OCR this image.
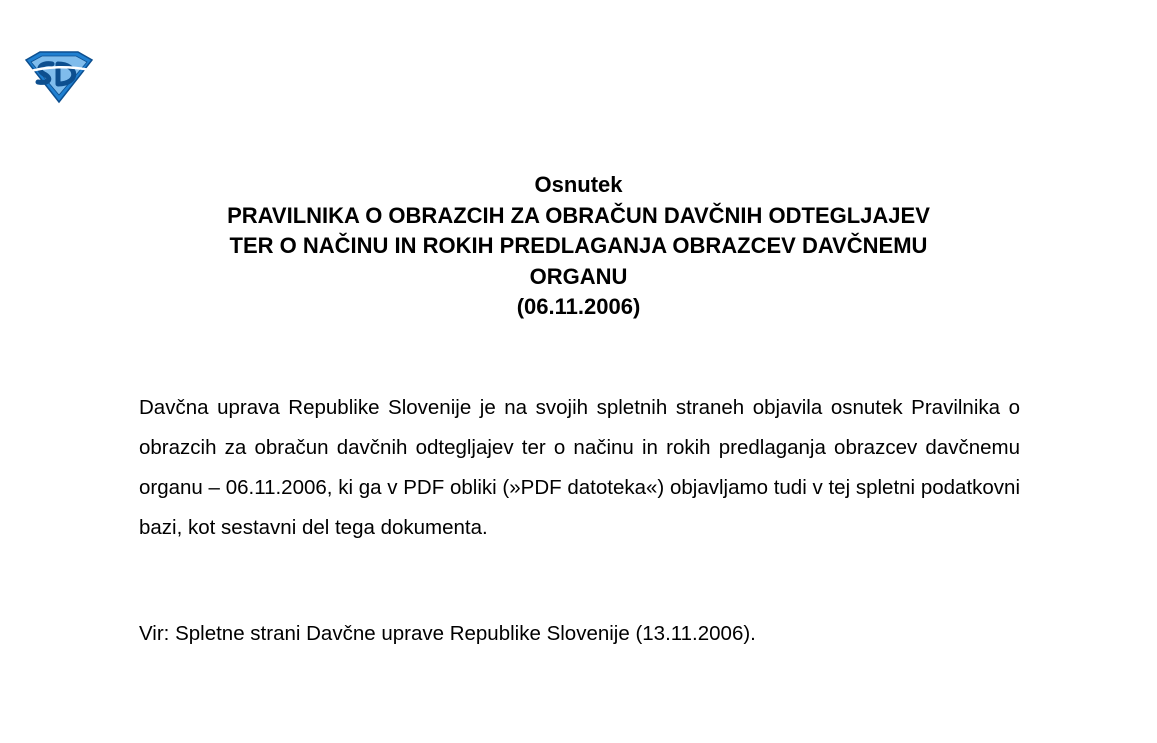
Osnutek
PRAVILNIKA O OBRAZCIH ZA OBRAČUN DAVČNIH ODTEGLJAJEV
TER O NAČINU IN ROKIH PREDLAGANJA OBRAZCEV DAVČNEMU
ORGANU
(06.11.2006)
Davčna uprava Republike Slovenije je na svojih spletnih straneh objavila osnutek Pravilnika o obrazcih za obračun davčnih odtegljajev ter o načinu in rokih predlaganja obrazcev davčnemu organu – 06.11.2006, ki ga v PDF obliki (»PDF datoteka«) objavljamo tudi v tej spletni podatkovni bazi, kot sestavni del tega dokumenta.
Vir: Spletne strani Davčne uprave Republike Slovenije (13.11.2006).
